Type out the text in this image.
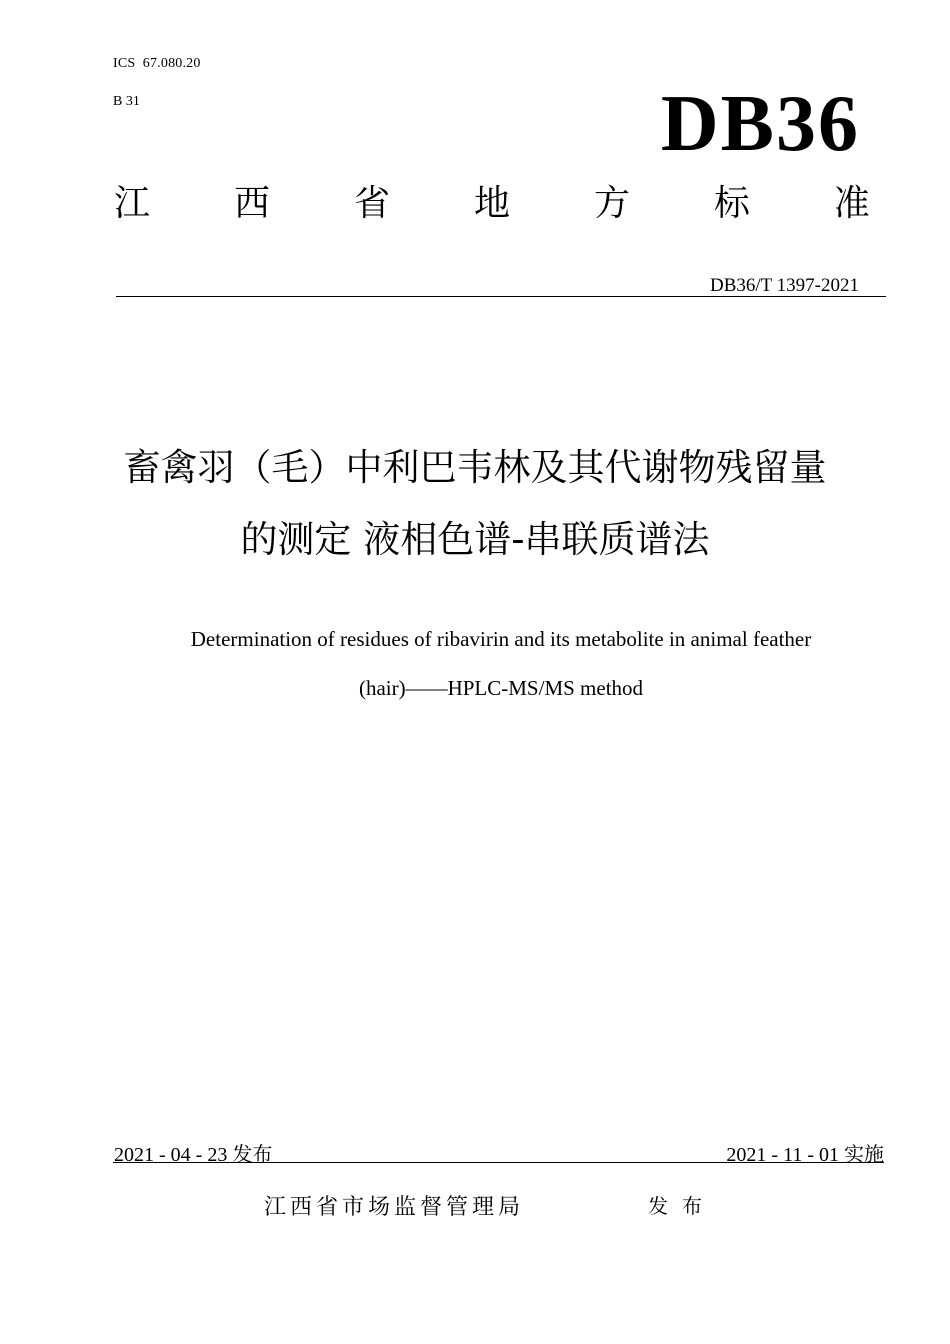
ICS  67.080.20
B 31	DB36
江 西 省 地 方 标 准
DB36/T 1397-2021
畜禽羽（毛）中利巴韦林及其代谢物残留量
的测定 液相色谱-串联质谱法
Determination of residues of ribavirin and its metabolite in animal feather
(hair)——HPLC-MS/MS method
2021 - 04 - 23 发布	2021 - 11 - 01 实施
江西省市场监督管理局	发布
